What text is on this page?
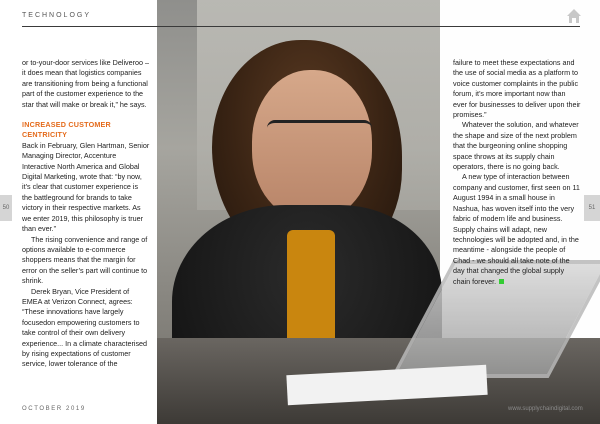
TECHNOLOGY

or to-your-door services like Deliveroo – it does mean that logistics companies are transitioning from being a functional part of the customer experience to the star that will make or break it,” he says.

INCREASED CUSTOMER CENTRICITY

Back in February, Glen Hartman, Senior Managing Director, Accenture Interactive North America and Global Digital Marketing, wrote that: “by now, it’s clear that customer experience is the battleground for brands to take victory in their respective markets. As we enter 2019, this philosophy is truer than ever.”

The rising convenience and range of options available to e-commerce shoppers means that the margin for error on the seller’s part will continue to shrink.

Derek Bryan, Vice President of EMEA at Verizon Connect, agrees: “These innovations have largely focusedon empowering customers to take control of their own delivery experience... In a climate characterised by rising expectations of customer service, lower tolerance of the

failure to meet these expectations and the use of social media as a platform to voice customer complaints in the public forum, it’s more important now than ever for businesses to deliver upon their promises.”

Whatever the solution, and whatever the shape and size of the next problem that the burgeoning online shopping space throws at its supply chain operators, there is no going back.

A new type of interaction between company and customer, first seen on 11 August 1994 in a small house in Nashua, has woven itself into the very fabric of modern life and business. Supply chains will adapt, new technologies will be adopted and, in the meantime - alongside the people of Chad - we should all take note of the day that changed the global supply chain forever.

50	51
OCTOBER 2019	www.supplychaindigital.com
